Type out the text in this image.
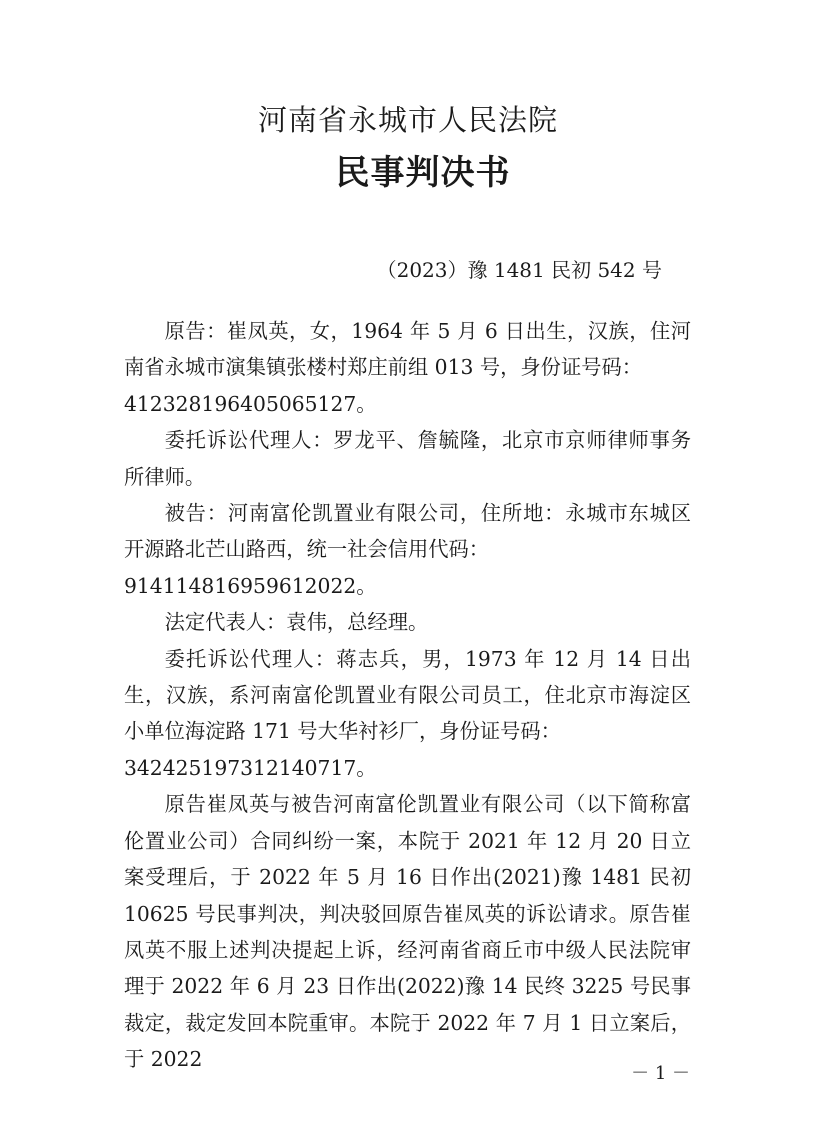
河南省永城市人民法院
民事判决书
（2023）豫 1481 民初 542 号

原告：崔凤英，女，1964 年 5 月 6 日出生，汉族，住河南省永城市演集镇张楼村郑庄前组 013 号，身份证号码：

412328196405065127。

委托诉讼代理人：罗龙平、詹毓隆，北京市京师律师事务所律师。

被告：河南富伦凯置业有限公司，住所地：永城市东城区开源路北芒山路西，统一社会信用代码：

914114816959612022。

法定代表人：袁伟，总经理。

委托诉讼代理人：蒋志兵，男，1973 年 12 月 14 日出生，汉族，系河南富伦凯置业有限公司员工，住北京市海淀区小单位海淀路 171 号大华衬衫厂，身份证号码：

342425197312140717。

原告崔凤英与被告河南富伦凯置业有限公司（以下简称富伦置业公司）合同纠纷一案，本院于 2021 年 12 月 20 日立案受理后，于 2022 年 5 月 16 日作出(2021)豫 1481 民初 10625 号民事判决，判决驳回原告崔凤英的诉讼请求。原告崔凤英不服上述判决提起上诉，经河南省商丘市中级人民法院审理于 2022 年 6 月 23 日作出(2022)豫 14 民终 3225 号民事裁定，裁定发回本院重审。本院于 2022 年 7 月 1 日立案后，于 2022

－ 1 －
